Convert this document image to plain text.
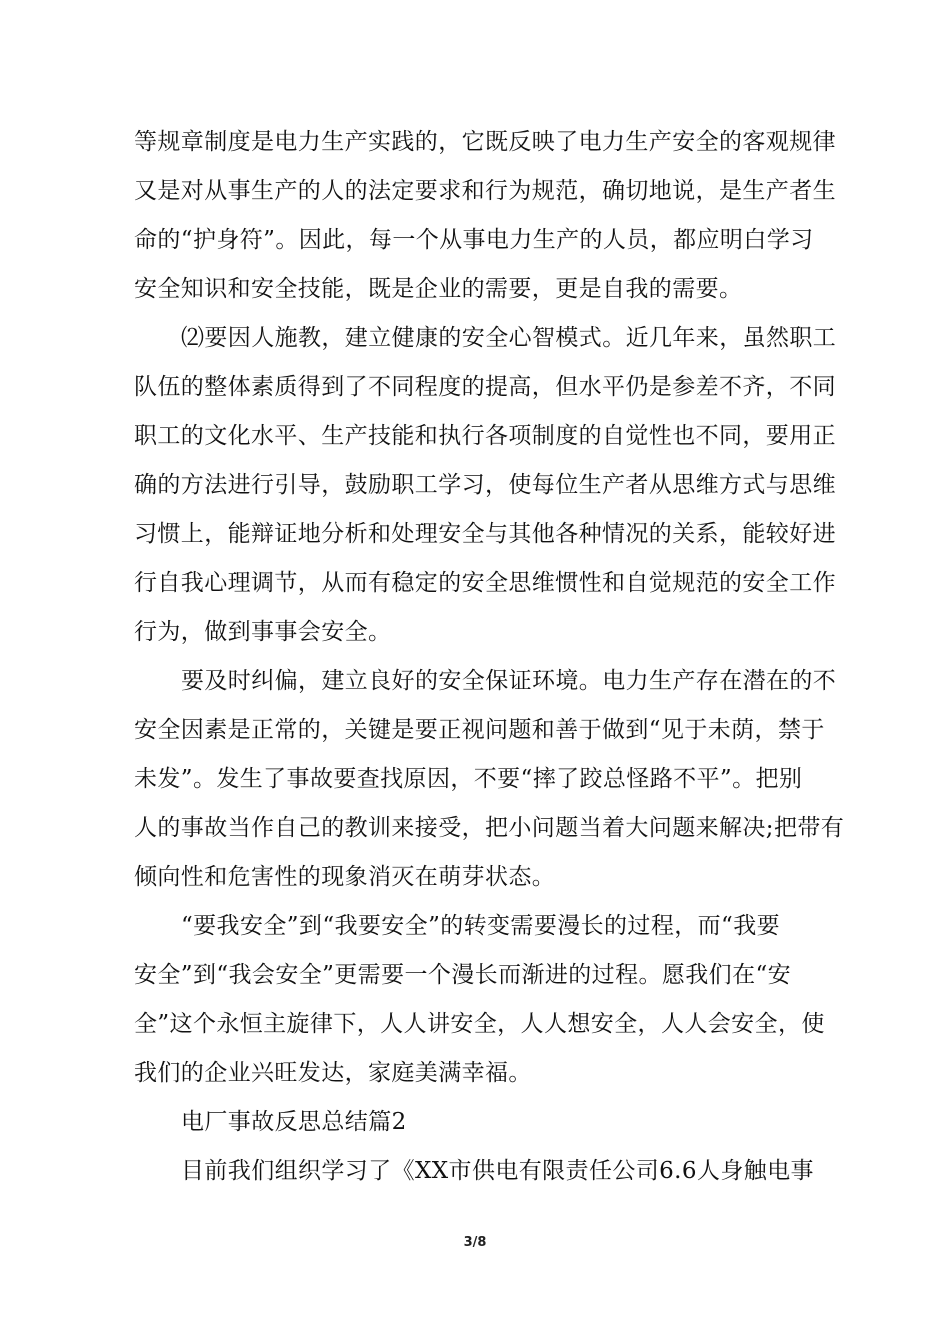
等规章制度是电力生产实践的，它既反映了电力生产安全的客观规律
又是对从事生产的人的法定要求和行为规范，确切地说，是生产者生
命的“护身符”。因此，每一个从事电力生产的人员，都应明白学习
安全知识和安全技能，既是企业的需要，更是自我的需要。
⑵要因人施教，建立健康的安全心智模式。近几年来，虽然职工
队伍的整体素质得到了不同程度的提高，但水平仍是参差不齐，不同
职工的文化水平、生产技能和执行各项制度的自觉性也不同，要用正
确的方法进行引导，鼓励职工学习，使每位生产者从思维方式与思维
习惯上，能辩证地分析和处理安全与其他各种情况的关系，能较好进
行自我心理调节，从而有稳定的安全思维惯性和自觉规范的安全工作
行为，做到事事会安全。
要及时纠偏，建立良好的安全保证环境。电力生产存在潜在的不
安全因素是正常的，关键是要正视问题和善于做到“见于未荫，禁于
未发”。发生了事故要查找原因，不要“摔了跤总怪路不平”。把别
人的事故当作自己的教训来接受，把小问题当着大问题来解决;把带有
倾向性和危害性的现象消灭在萌芽状态。
“要我安全”到“我要安全”的转变需要漫长的过程，而“我要
安全”到“我会安全”更需要一个漫长而渐进的过程。愿我们在“安
全”这个永恒主旋律下，人人讲安全，人人想安全，人人会安全，使
我们的企业兴旺发达，家庭美满幸福。
电厂事故反思总结篇2
目前我们组织学习了《XX市供电有限责任公司6.6人身触电事
3/8
